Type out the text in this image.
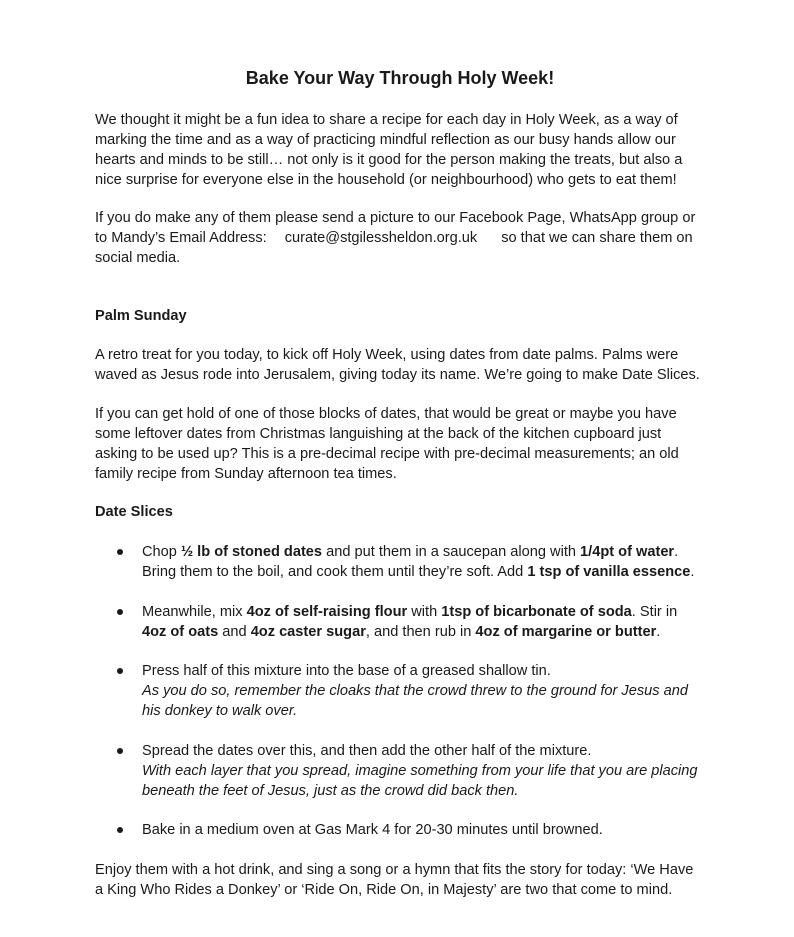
Bake Your Way Through Holy Week!

We thought it might be a fun idea to share a recipe for each day in Holy Week, as a way of marking the time and as a way of practicing mindful reflection as our busy hands allow our hearts and minds to be still… not only is it good for the person making the treats, but also a nice surprise for everyone else in the household (or neighbourhood) who gets to eat them!

If you do make any of them please send a picture to our Facebook Page, WhatsApp group or to Mandy’s Email Address: curate@stgilessheldon.org.uk so that we can share them on social media.

Palm Sunday

A retro treat for you today, to kick off Holy Week, using dates from date palms. Palms were waved as Jesus rode into Jerusalem, giving today its name. We’re going to make Date Slices.

If you can get hold of one of those blocks of dates, that would be great or maybe you have some leftover dates from Christmas languishing at the back of the kitchen cupboard just asking to be used up? This is a pre-decimal recipe with pre-decimal measurements; an old family recipe from Sunday afternoon tea times.

Date Slices

Chop ½ lb of stoned dates and put them in a saucepan along with 1/4pt of water. Bring them to the boil, and cook them until they’re soft. Add 1 tsp of vanilla essence.
Meanwhile, mix 4oz of self-raising flour with 1tsp of bicarbonate of soda. Stir in 4oz of oats and 4oz caster sugar, and then rub in 4oz of margarine or butter.
Press half of this mixture into the base of a greased shallow tin.
As you do so, remember the cloaks that the crowd threw to the ground for Jesus and his donkey to walk over.
Spread the dates over this, and then add the other half of the mixture.
With each layer that you spread, imagine something from your life that you are placing beneath the feet of Jesus, just as the crowd did back then.
Bake in a medium oven at Gas Mark 4 for 20-30 minutes until browned.

Enjoy them with a hot drink, and sing a song or a hymn that fits the story for today: ‘We Have a King Who Rides a Donkey’ or ‘Ride On, Ride On, in Majesty’ are two that come to mind.
